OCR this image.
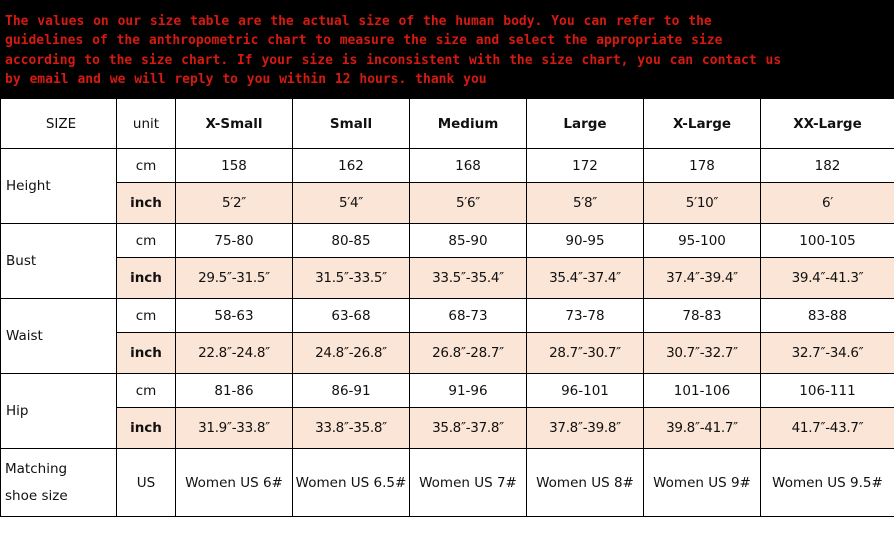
The values on our size table are the actual size of the human body. You can refer to the
guidelines of the anthropometric chart to measure the size and select the appropriate size
according to the size chart. If your size is inconsistent with the size chart, you can contact us
by email and we will reply to you within 12 hours. thank you
SIZE	unit	X-Small	Small	Medium	Large	X-Large	XX-Large
Height	cm	158	162	168	172	178	182
	inch	5′2″	5′4″	5′6″	5′8″	5′10″	6′
Bust	cm	75-80	80-85	85-90	90-95	95-100	100-105
	inch	29.5″-31.5″	31.5″-33.5″	33.5″-35.4″	35.4″-37.4″	37.4″-39.4″	39.4″-41.3″
Waist	cm	58-63	63-68	68-73	73-78	78-83	83-88
	inch	22.8″-24.8″	24.8″-26.8″	26.8″-28.7″	28.7″-30.7″	30.7″-32.7″	32.7″-34.6″
Hip	cm	81-86	86-91	91-96	96-101	101-106	106-111
	inch	31.9″-33.8″	33.8″-35.8″	35.8″-37.8″	37.8″-39.8″	39.8″-41.7″	41.7″-43.7″

Matching
shoe size	US	Women US 6#	Women US 6.5#	Women US 7#	Women US 8#	Women US 9#	Women US 9.5#
